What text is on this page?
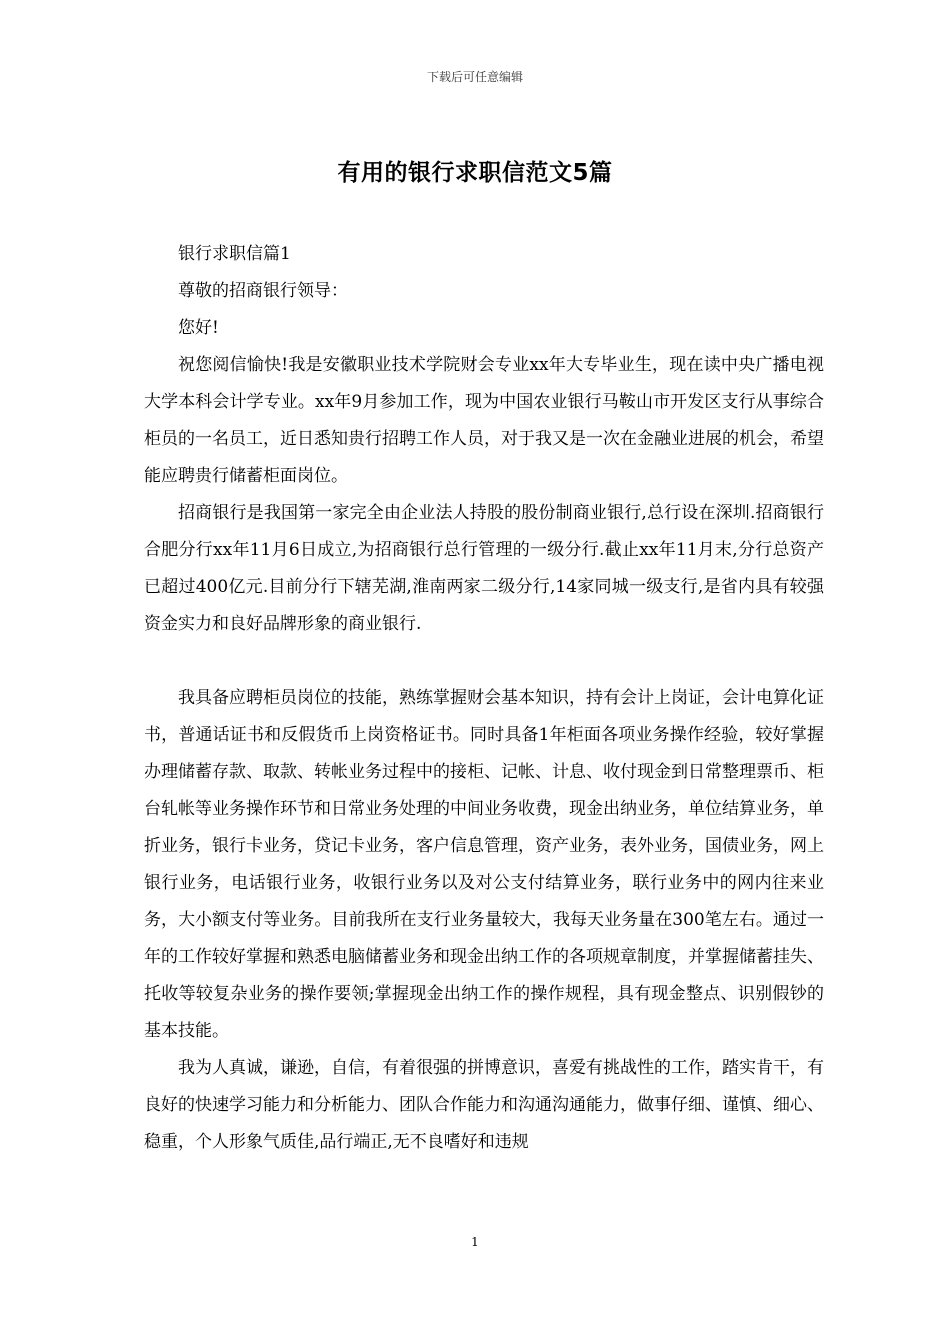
下载后可任意编辑
有用的银行求职信范文5篇

银行求职信篇1

尊敬的招商银行领导：

您好!

祝您阅信愉快!我是安徽职业技术学院财会专业xx年大专毕业生，现在读中央广播电视大学本科会计学专业。xx年9月参加工作，现为中国农业银行马鞍山市开发区支行从事综合柜员的一名员工，近日悉知贵行招聘工作人员，对于我又是一次在金融业进展的机会，希望能应聘贵行储蓄柜面岗位。

招商银行是我国第一家完全由企业法人持股的股份制商业银行,总行设在深圳.招商银行合肥分行xx年11月6日成立,为招商银行总行管理的一级分行.截止xx年11月末,分行总资产已超过400亿元.目前分行下辖芜湖,淮南两家二级分行,14家同城一级支行,是省内具有较强资金实力和良好品牌形象的商业银行.

我具备应聘柜员岗位的技能，熟练掌握财会基本知识，持有会计上岗证，会计电算化证书，普通话证书和反假货币上岗资格证书。同时具备1年柜面各项业务操作经验，较好掌握办理储蓄存款、取款、转帐业务过程中的接柜、记帐、计息、收付现金到日常整理票币、柜台轧帐等业务操作环节和日常业务处理的中间业务收费，现金出纳业务，单位结算业务，单折业务，银行卡业务，贷记卡业务，客户信息管理，资产业务，表外业务，国债业务，网上银行业务，电话银行业务，收银行业务以及对公支付结算业务，联行业务中的网内往来业务，大小额支付等业务。目前我所在支行业务量较大，我每天业务量在300笔左右。通过一年的工作较好掌握和熟悉电脑储蓄业务和现金出纳工作的各项规章制度，并掌握储蓄挂失、托收等较复杂业务的操作要领;掌握现金出纳工作的操作规程，具有现金整点、识别假钞的基本技能。

我为人真诚，谦逊，自信，有着很强的拼博意识，喜爱有挑战性的工作，踏实肯干，有良好的快速学习能力和分析能力、团队合作能力和沟通沟通能力，做事仔细、谨慎、细心、稳重，个人形象气质佳,品行端正,无不良嗜好和违规

1
